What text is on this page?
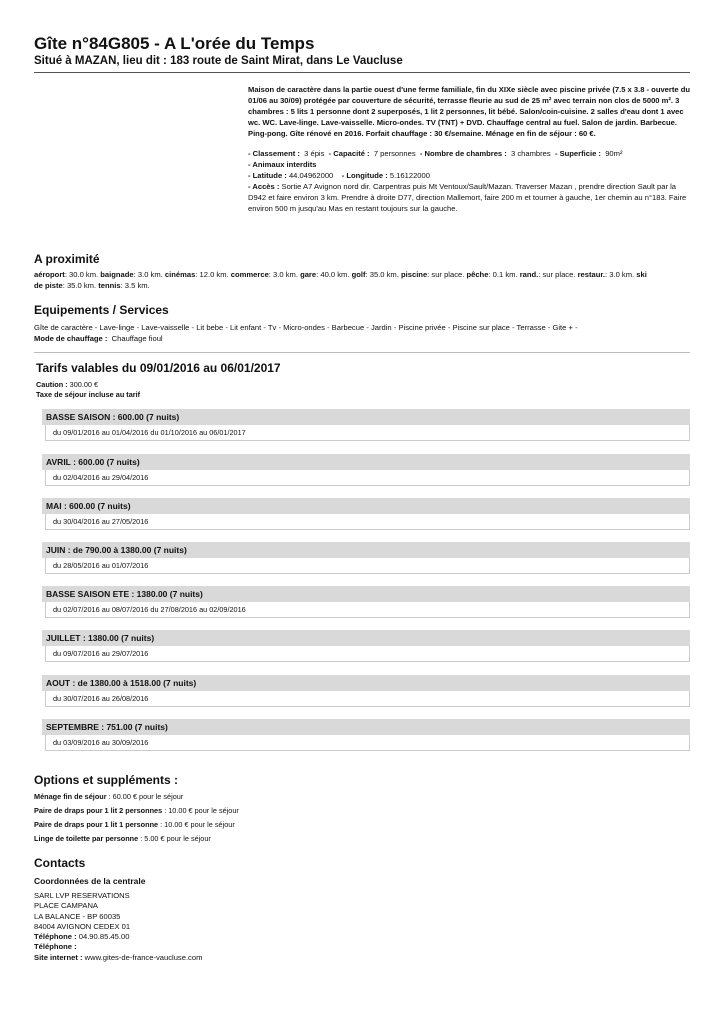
Gîte n°84G805 - A L'orée du Temps
Situé à MAZAN, lieu dit : 183 route de Saint Mirat, dans Le Vaucluse
Maison de caractère dans la partie ouest d'une ferme familiale, fin du XIXe siècle avec piscine privée (7.5 x 3.8 - ouverte du 01/06 au 30/09) protégée par couverture de sécurité, terrasse fleurie au sud de 25 m² avec terrain non clos de 5000 m². 3 chambres : 5 lits 1 personne dont 2 superposés, 1 lit 2 personnes, lit bébé. Salon/coin-cuisine. 2 salles d'eau dont 1 avec wc. WC. Lave-linge. Lave-vaisselle. Micro-ondes. TV (TNT) + DVD. Chauffage central au fuel. Salon de jardin. Barbecue. Ping-pong. Gîte rénové en 2016. Forfait chauffage : 30 €/semaine. Ménage en fin de séjour : 60 €.
- Classement : 3 épis - Capacité : 7 personnes - Nombre de chambres : 3 chambres - Superficie : 90m²
- Animaux interdits
- Latitude : 44.04962000 - Longitude : 5.16122000
- Accès : Sortie A7 Avignon nord dir. Carpentras puis Mt Ventoux/Sault/Mazan. Traverser Mazan , prendre direction Sault par la D942 et faire environ 3 km. Prendre à droite D77, direction Mallemort, faire 200 m et tourner à gauche, 1er chemin au n°183. Faire environ 500 m jusqu'au Mas en restant toujours sur la gauche.
A proximité
aéroport: 30.0 km. baignade: 3.0 km. cinémas: 12.0 km. commerce: 3.0 km. gare: 40.0 km. golf: 35.0 km. piscine: sur place. pêche: 0.1 km. rand.: sur place. restaur.: 3.0 km. ski de piste: 35.0 km. tennis: 3.5 km.
Equipements / Services
Gîte de caractère - Lave-linge - Lave-vaisselle - Lit bebe - Lit enfant - Tv - Micro-ondes - Barbecue - Jardin - Piscine privée - Piscine sur place - Terrasse - Gite + -
Mode de chauffage : Chauffage fioul
Tarifs valables du 09/01/2016 au 06/01/2017
Caution : 300.00 €
Taxe de séjour incluse au tarif
BASSE SAISON : 600.00 (7 nuits)
du 09/01/2016 au 01/04/2016 du 01/10/2016 au 06/01/2017
AVRIL : 600.00 (7 nuits)
du 02/04/2016 au 29/04/2016
MAI : 600.00 (7 nuits)
du 30/04/2016 au 27/05/2016
JUIN : de 790.00 à 1380.00 (7 nuits)
du 28/05/2016 au 01/07/2016
BASSE SAISON ETE : 1380.00 (7 nuits)
du 02/07/2016 au 08/07/2016 du 27/08/2016 au 02/09/2016
JUILLET : 1380.00 (7 nuits)
du 09/07/2016 au 29/07/2016
AOUT : de 1380.00 à 1518.00 (7 nuits)
du 30/07/2016 au 26/08/2016
SEPTEMBRE : 751.00 (7 nuits)
du 03/09/2016 au 30/09/2016
Options et suppléments :
Ménage fin de séjour : 60.00 € pour le séjour
Paire de draps pour 1 lit 2 personnes : 10.00 € pour le séjour
Paire de draps pour 1 lit 1 personne : 10.00 € pour le séjour
Linge de toilette par personne : 5.00 € pour le séjour
Contacts
Coordonnées de la centrale
SARL LVP RESERVATIONS
PLACE CAMPANA
LA BALANCE - BP 60035
84004 AVIGNON CEDEX 01
Téléphone : 04.90.85.45.00
Téléphone :
Site internet : www.gites-de-france-vaucluse.com
